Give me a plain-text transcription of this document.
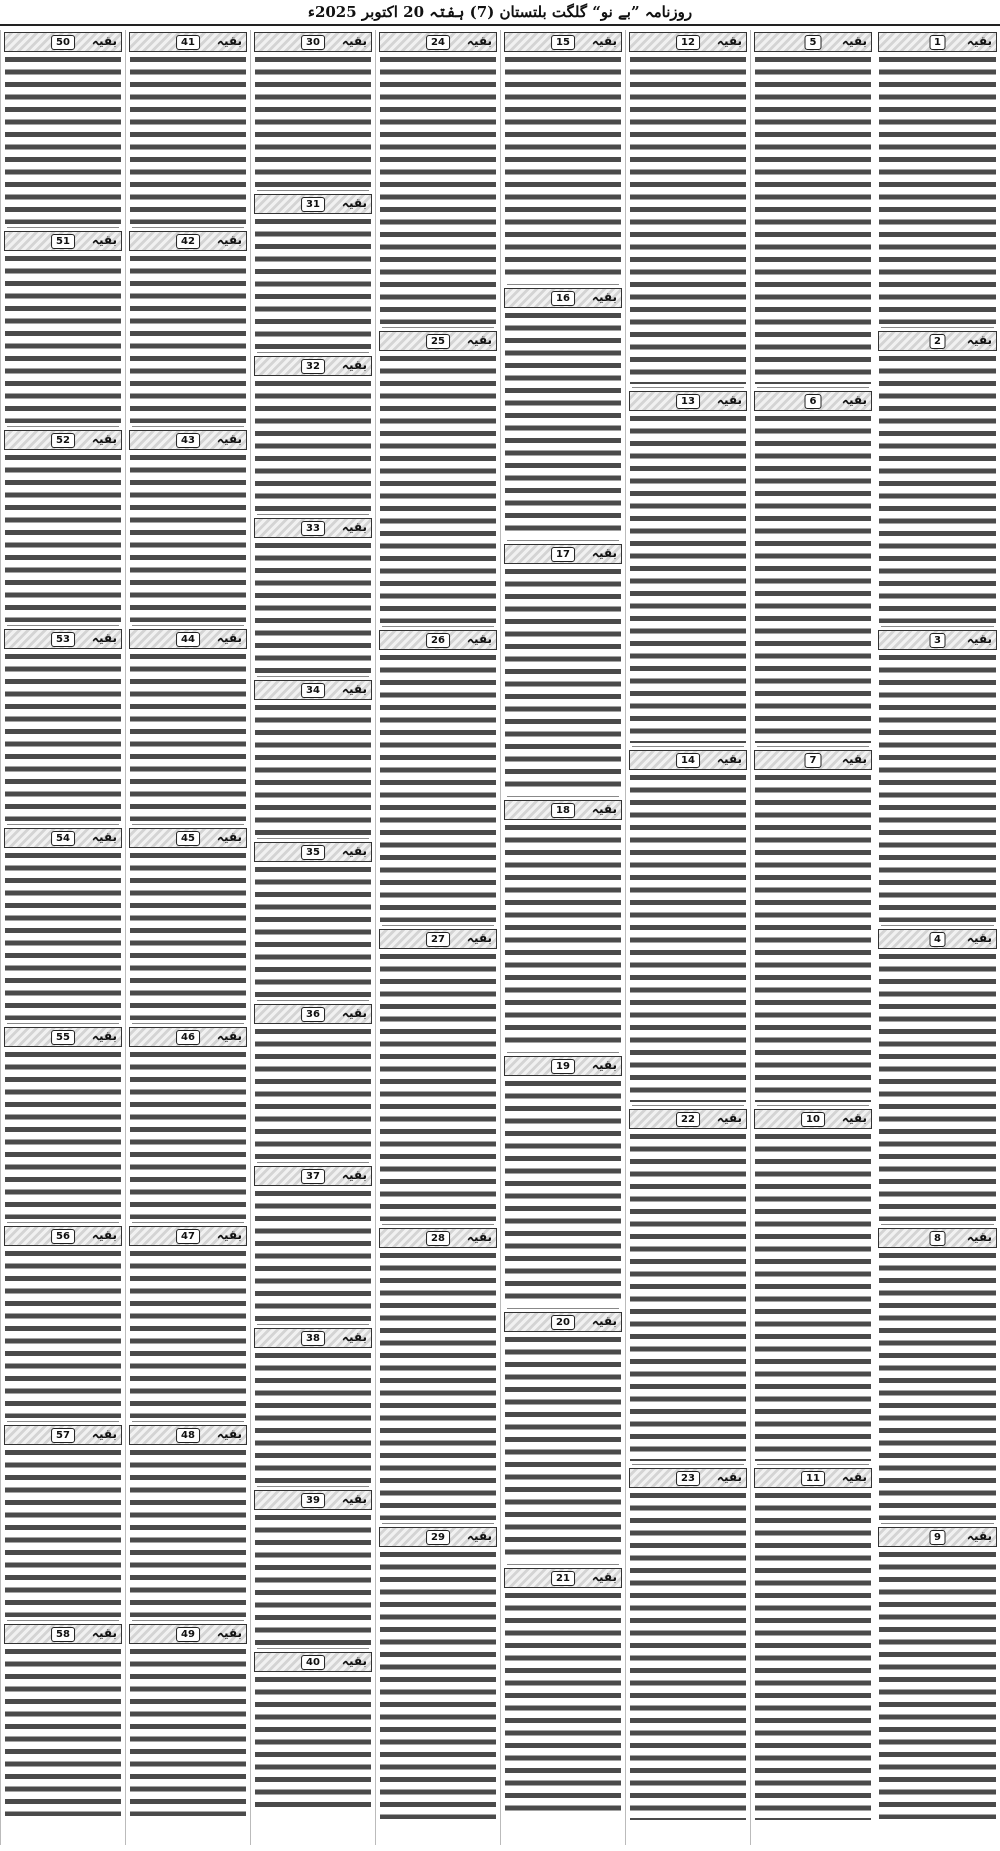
روزنامہ ”بے نو“ گلگت بلتستان (7) ہفتہ 20 اکتوبر 2025ء
بقیہ
1
بقیہ
2
بقیہ
3
بقیہ
4
بقیہ
8
بقیہ
9
بقیہ
5
بقیہ
6
بقیہ
7
بقیہ
10
بقیہ
11
بقیہ
12
بقیہ
13
بقیہ
14
بقیہ
22
بقیہ
23
بقیہ
15
بقیہ
16
بقیہ
17
بقیہ
18
بقیہ
19
بقیہ
20
بقیہ
21
بقیہ
24
بقیہ
25
بقیہ
26
بقیہ
27
بقیہ
28
بقیہ
29
بقیہ
30
بقیہ
31
بقیہ
32
بقیہ
33
بقیہ
34
بقیہ
35
بقیہ
36
بقیہ
37
بقیہ
38
بقیہ
39
بقیہ
40
بقیہ
41
بقیہ
42
بقیہ
43
بقیہ
44
بقیہ
45
بقیہ
46
بقیہ
47
بقیہ
48
بقیہ
49
بقیہ
50
بقیہ
51
بقیہ
52
بقیہ
53
بقیہ
54
بقیہ
55
بقیہ
56
بقیہ
57
بقیہ
58
